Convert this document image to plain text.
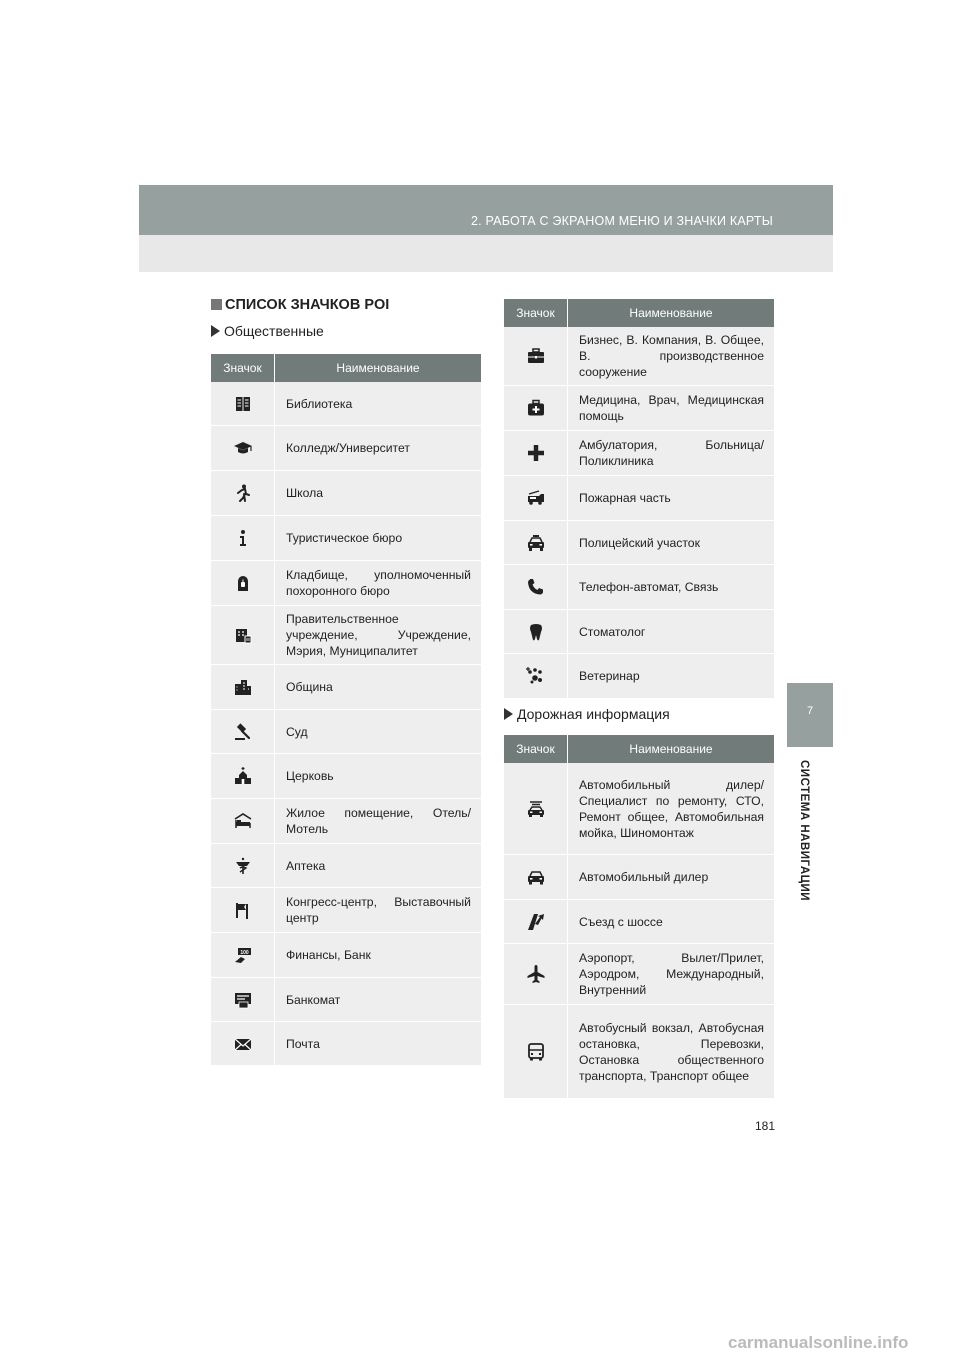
2. РАБОТА С ЭКРАНОМ МЕНЮ И ЗНАЧКИ КАРТЫ
7
СИСТЕМА НАВИГАЦИИ
СПИСОК ЗНАЧКОВ POI
Общественные
Дорожная информация
Значок	Наименование
Библиотека
Колледж/Университет
Школа
Туристическое бюро
Кладбище, уполномоченный похоронного бюро
Правительственное учреждение, Учреждение, Мэрия, Муниципалитет
Община
Суд
Церковь
Жилое помещение, Отель/Мотель
Аптека
Конгресс-центр, Выставочный центр
100	Финансы, Банк
Банкомат
Почта
Значок	Наименование
Бизнес, В. Компания, В. Общее, В. производственное сооружение
Медицина, Врач, Медицинская помощь
Амбулатория, Больница/Поликлиника
Пожарная часть
Полицейский участок
Телефон-автомат, Связь
Стоматолог
Ветеринар
Значок	Наименование
Автомобильный дилер/Специалист по ремонту, СТО, Ремонт общее, Автомобильная мойка, Шиномонтаж
Автомобильный дилер
Съезд с шоссе
Аэропорт, Вылет/Прилет, Аэродром, Международный, Внутренний
Автобусный вокзал, Автобусная остановка, Перевозки, Остановка общественного транспорта, Транспорт общее
181
carmanualsonline.info
